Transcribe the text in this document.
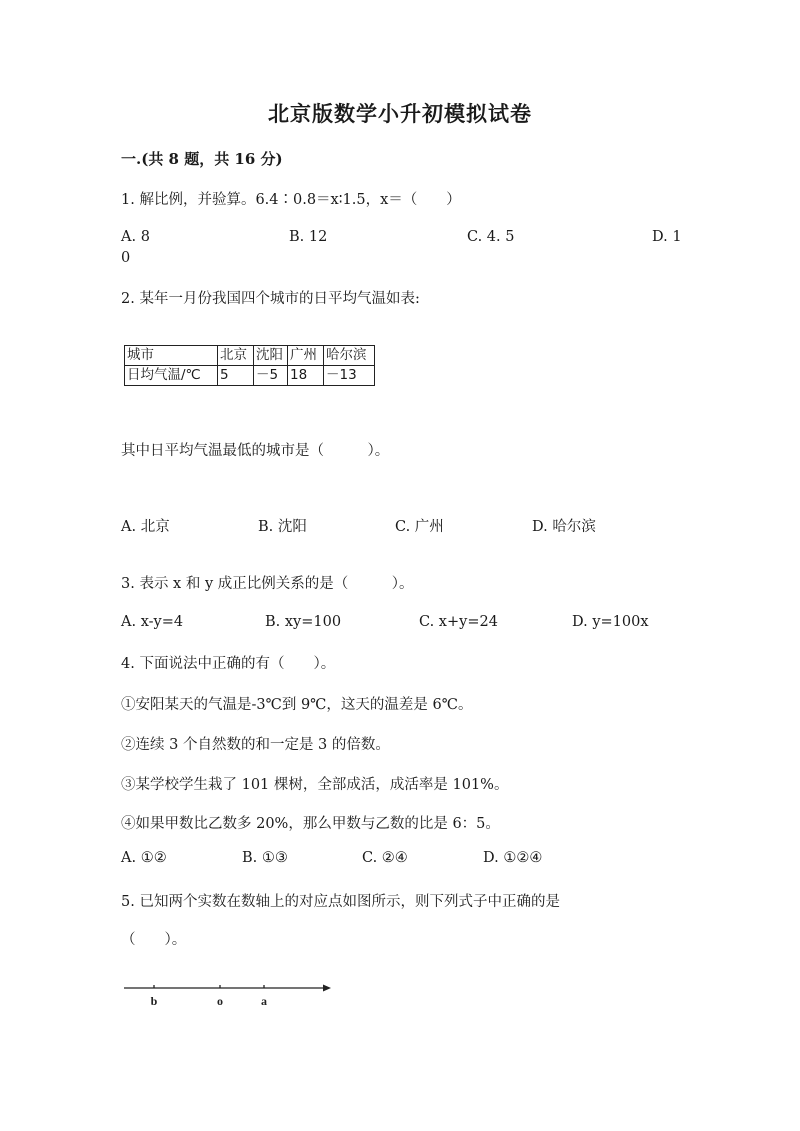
北京版数学小升初模拟试卷
一.(共 8 题，共 16 分)
1. 解比例，并验算。6.4∶0.8＝x∶1.5，x＝（　　）
A. 8	B. 12	C. 4. 5	D. 1
0
2. 某年一月份我国四个城市的日平均气温如表:
城市	北京	沈阳	广州	哈尔滨
日均气温/℃	5	－5	18	－13
其中日平均气温最低的城市是（　　　）。
A. 北京	B. 沈阳	C. 广州	D. 哈尔滨
3. 表示 x 和 y 成正比例关系的是（　　　）。
A. x-y=4	B. xy=100	C. x+y=24	D. y=100x
4. 下面说法中正确的有（　　）。
①安阳某天的气温是-3℃到 9℃，这天的温差是 6℃。
②连续 3 个自然数的和一定是 3 的倍数。
③某学校学生栽了 101 棵树，全部成活，成活率是 101%。
④如果甲数比乙数多 20%，那么甲数与乙数的比是 6：5。
A. ①②	B. ①③	C. ②④	D. ①②④
5. 已知两个实数在数轴上的对应点如图所示，则下列式子中正确的是
（　　）。
b	o	a
